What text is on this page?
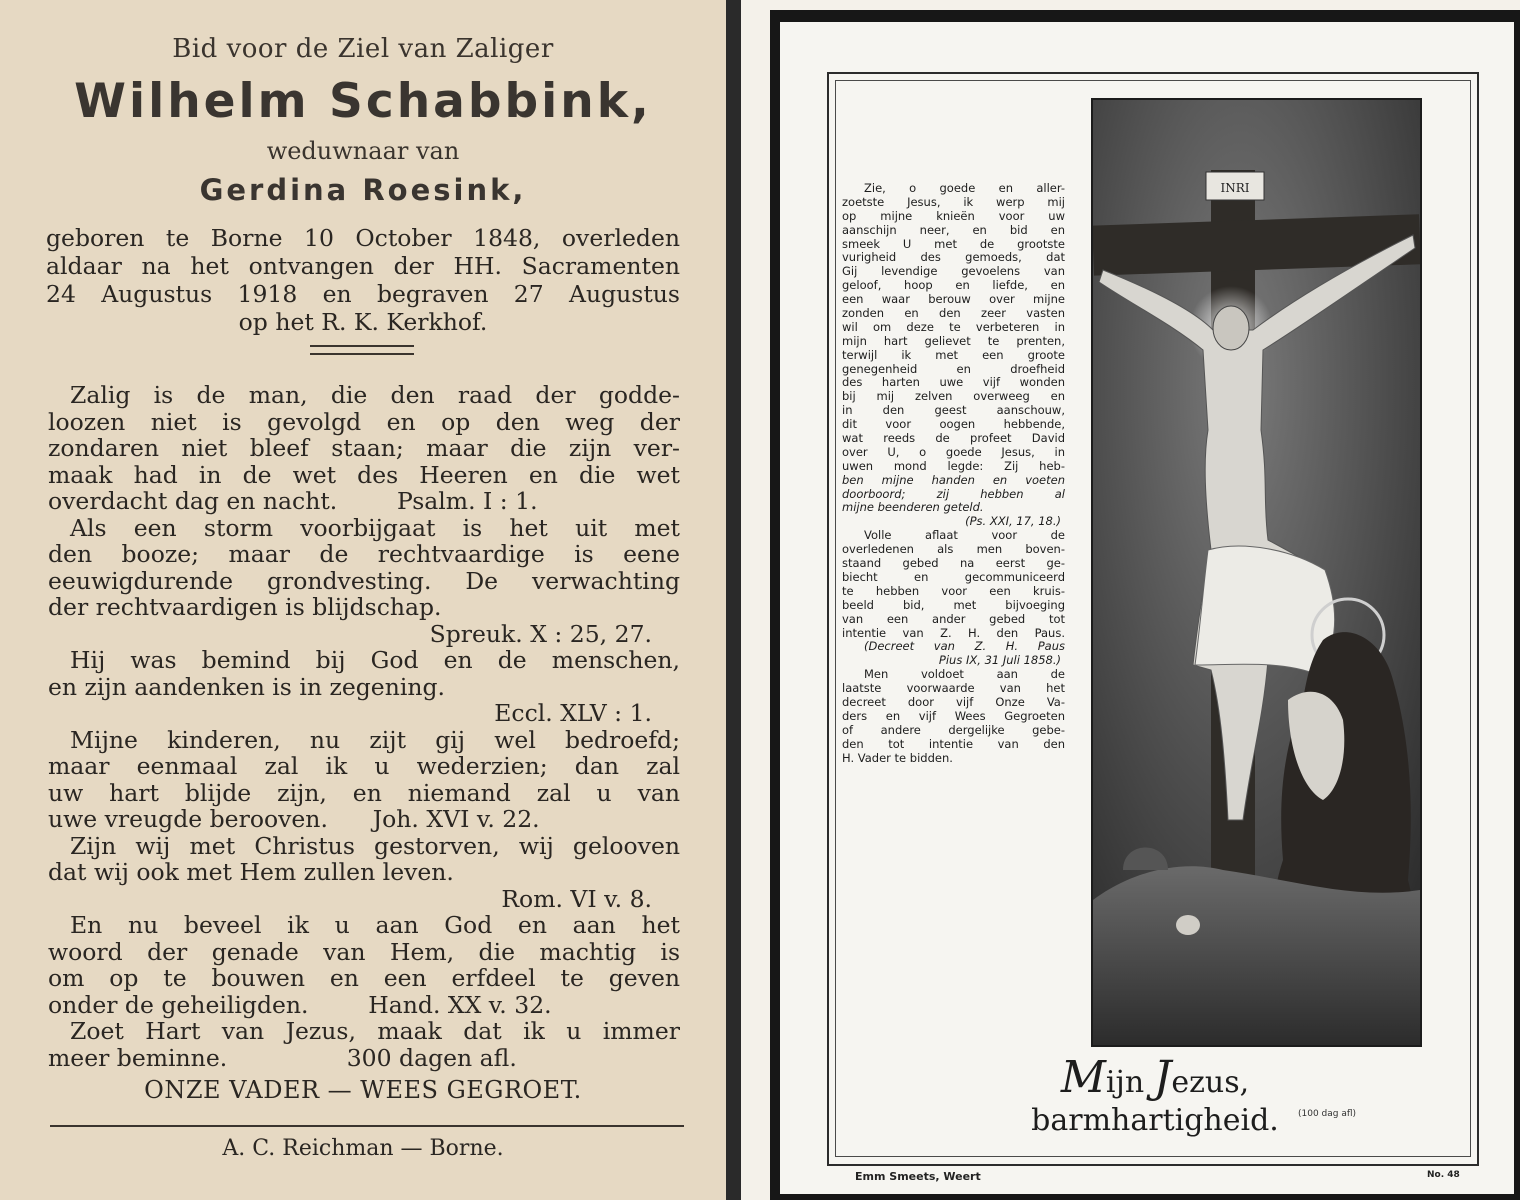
Bid voor de Ziel van Zaliger
Wilhelm Schabbink,
weduwnaar van
Gerdina Roesink,
geboren te Borne 10 October 1848, overleden
aldaar na het ontvangen der HH. Sacramenten
24 Augustus 1918 en begraven 27 Augustus
op het R. K. Kerkhof.
Zalig is de man, die den raad der godde-
loozen niet is gevolgd en op den weg der
zondaren niet bleef staan; maar die zijn ver-
maak had in de wet des Heeren en die wet
overdacht dag en nacht.        Psalm. I : 1.
Als een storm voorbijgaat is het uit met
den booze; maar de rechtvaardige is eene
eeuwigdurende grondvesting. De verwachting
der rechtvaardigen is blijdschap.
Spreuk. X : 25, 27.
Hij was bemind bij God en de menschen,
en zijn aandenken is in zegening.
Eccl. XLV : 1.
Mijne kinderen, nu zijt gij wel bedroefd;
maar eenmaal zal ik u wederzien; dan zal
uw hart blijde zijn, en niemand zal u van
uwe vreugde berooven.      Joh. XVI v. 22.
Zijn wij met Christus gestorven, wij gelooven
dat wij ook met Hem zullen leven.
Rom. VI v. 8.
En nu beveel ik u aan God en aan het
woord der genade van Hem, die machtig is
om op te bouwen en een erfdeel te geven
onder de geheiligden.        Hand. XX v. 32.
Zoet Hart van Jezus, maak dat ik u immer
meer beminne.                300 dagen afl.
ONZE VADER — WEES GEGROET.
A. C. Reichman — Borne.
Zie, o goede en aller-
zoetste Jesus, ik werp mij
op mijne knieën voor uw
aanschijn neer, en bid en
smeek U met de grootste
vurigheid des gemoeds, dat
Gij levendige gevoelens van
geloof, hoop en liefde, en
een waar berouw over mijne
zonden en den zeer vasten
wil om deze te verbeteren in
mijn hart gelievet te prenten,
terwijl ik met een groote
genegenheid en droefheid
des harten uwe vijf wonden
bij mij zelven overweeg en
in den geest aanschouw,
dit voor oogen hebbende,
wat reeds de profeet David
over U, o goede Jesus, in
uwen mond legde: Zij heb-
ben mijne handen en voeten
doorboord; zij hebben al
mijne beenderen geteld.
(Ps. XXI, 17, 18.)
Volle aflaat voor de
overledenen als men boven-
staand gebed na eerst ge-
biecht en gecommuniceerd
te hebben voor een kruis-
beeld bid, met bijvoeging
van een ander gebed tot
intentie van Z. H. den Paus.
(Decreet van Z. H. Paus
Pius IX, 31 Juli 1858.)
Men voldoet aan de
laatste voorwaarde van het
decreet door vijf Onze Va-
ders en vijf Wees Gegroeten
of andere dergelijke gebe-
den tot intentie van den
H. Vader te bidden.
INRI
Mijn Jezus, barmhartigheid.	(100 dag afl)
Emm Smeets, Weert	No. 48
